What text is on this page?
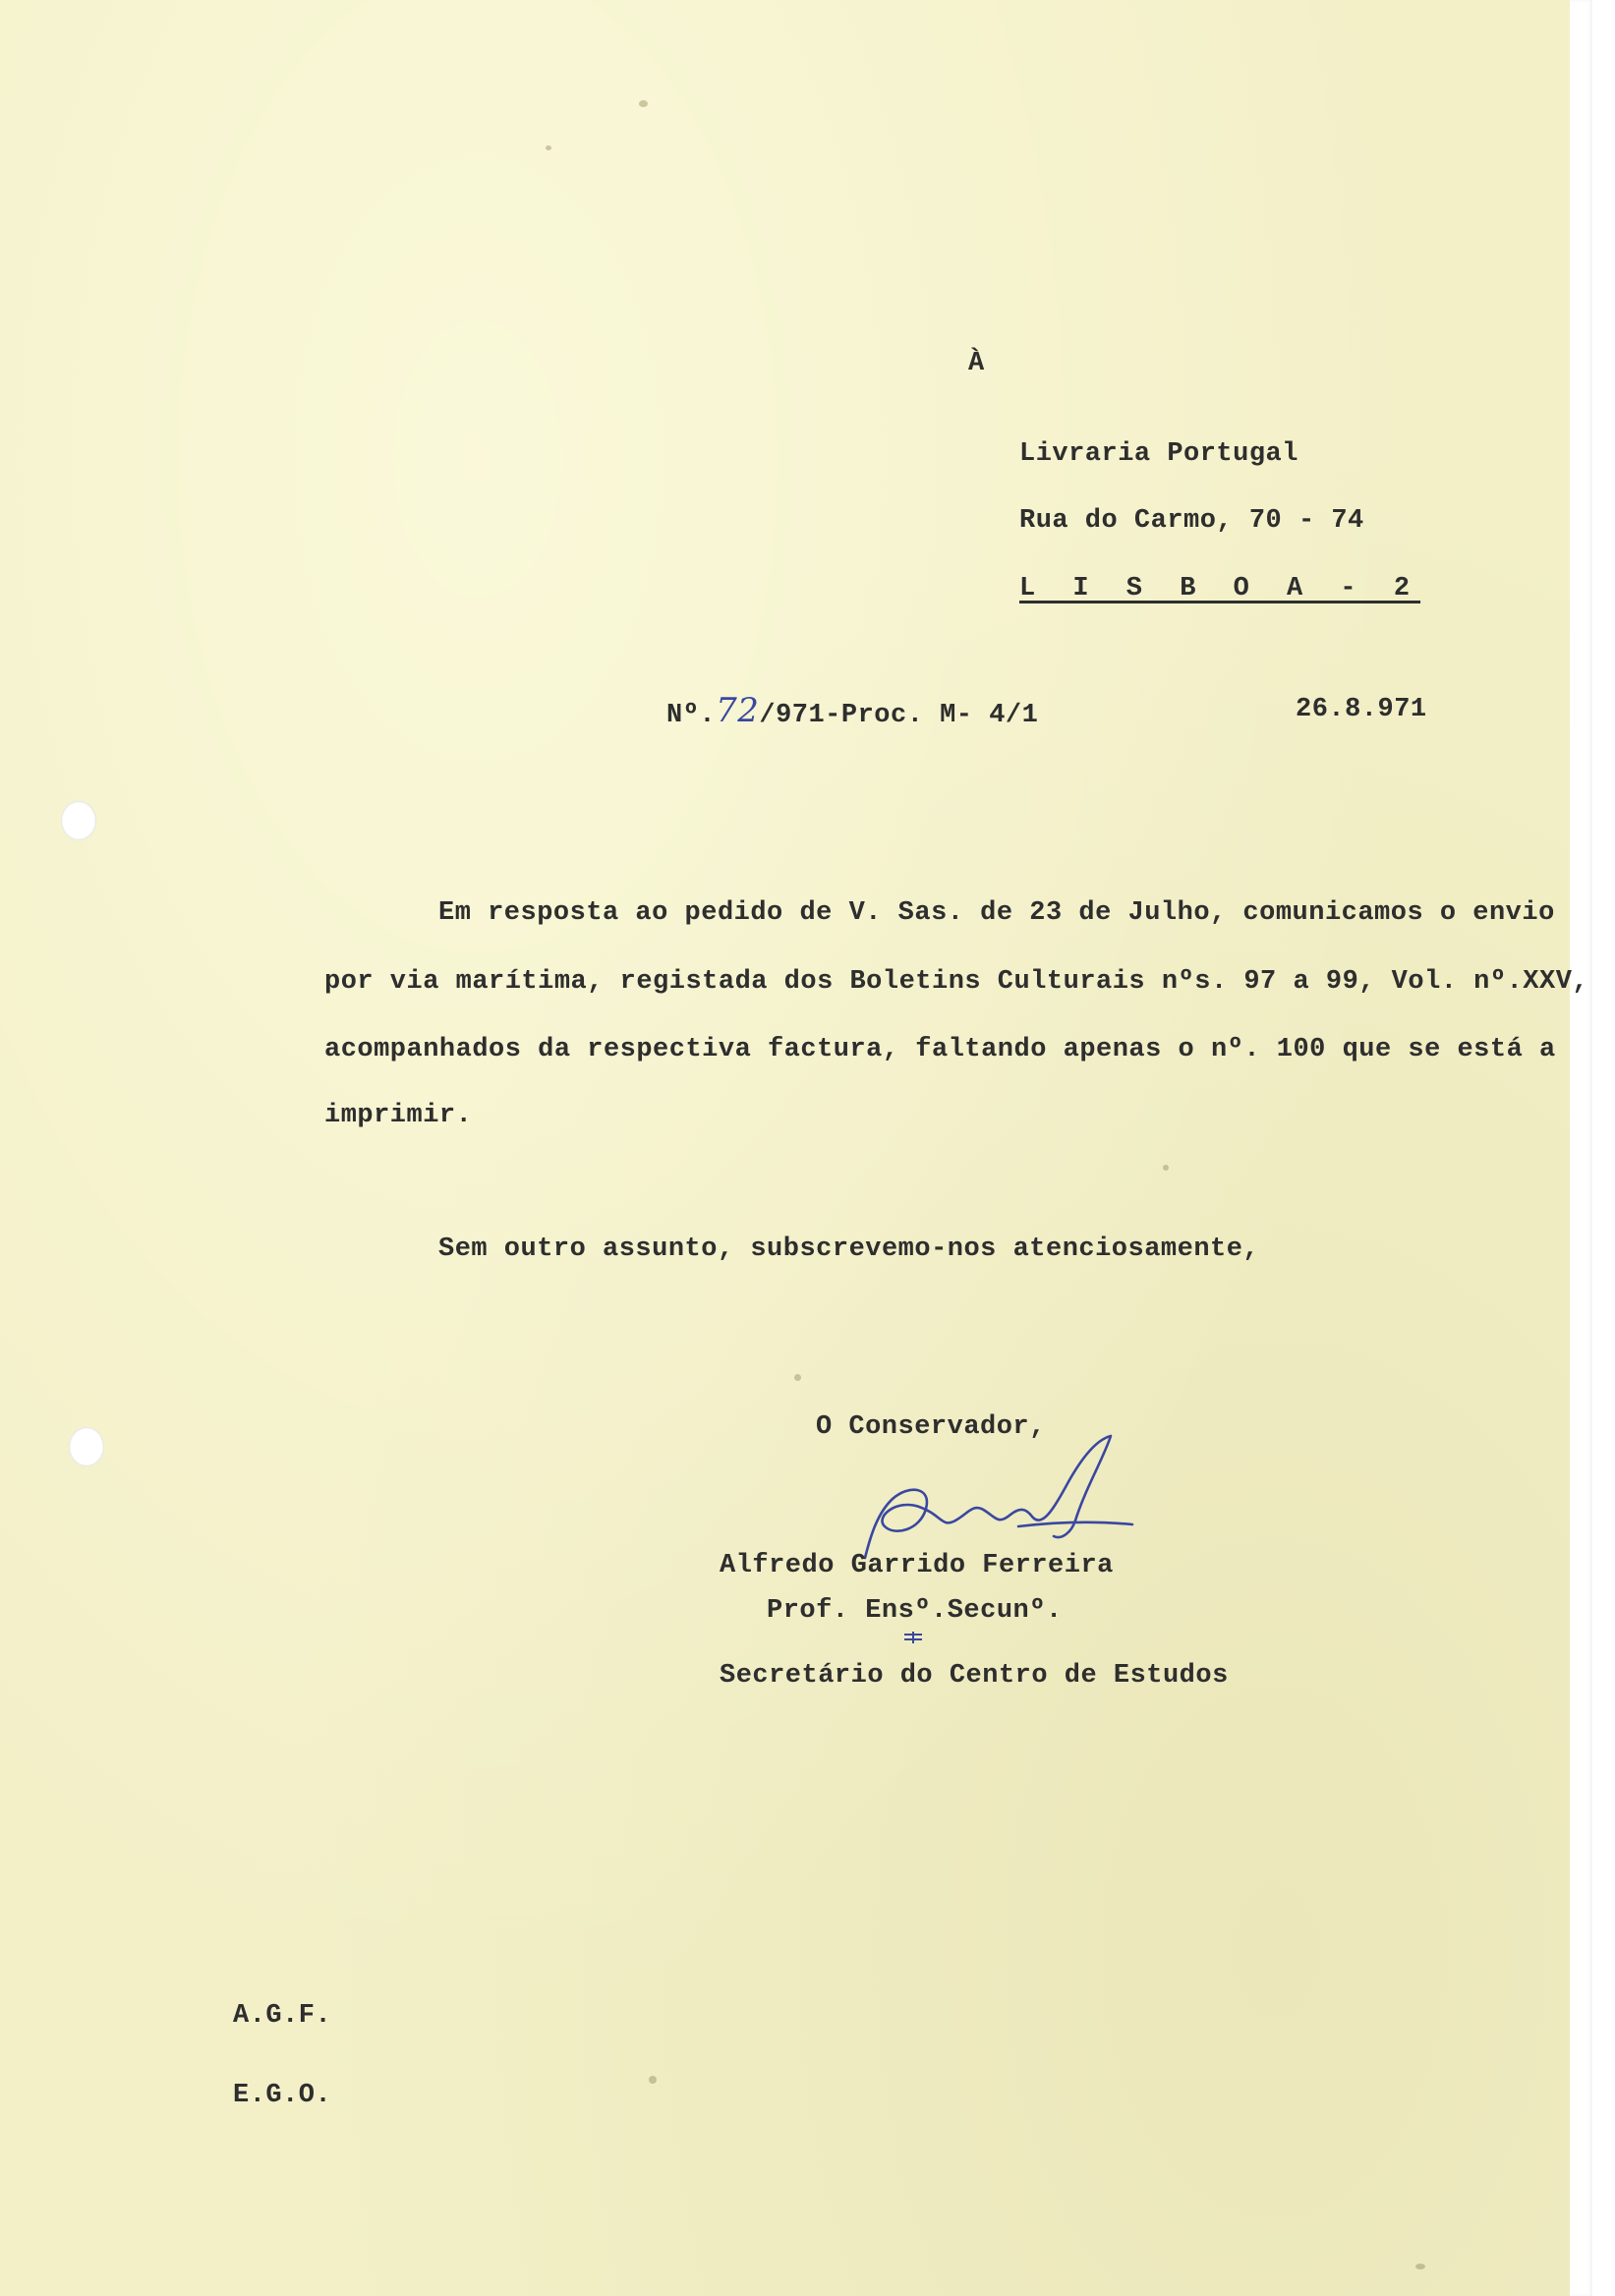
À
Livraria Portugal
Rua do Carmo, 70 - 74
L I S B O A - 2
Nº.72/971-Proc. M- 4/1	26.8.971
Em resposta ao pedido de V. Sas. de 23 de Julho, comunicamos o envio
por via marítima, registada dos Boletins Culturais nºs. 97 a 99, Vol. nº.XXV,
acompanhados da respectiva factura, faltando apenas o nº. 100 que se está a
imprimir.
Sem outro assunto, subscrevemo-nos atenciosamente,
O Conservador,
Alfredo Garrido Ferreira
Prof. Ensº.Secunº.
Secretário do Centro de Estudos
A.G.F.
E.G.O.
